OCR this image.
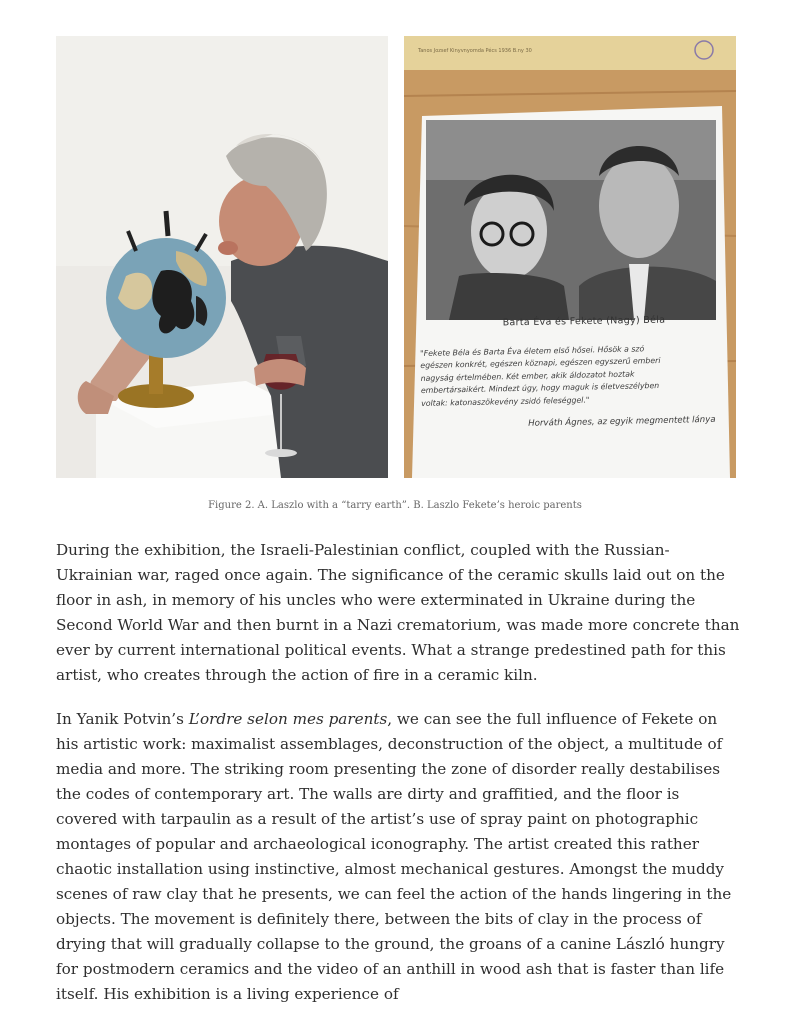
Tanos Jozsef Kinyvnyomda Pécs 1936 B.ny 30
Barta Éva és Fekete (Nagy) Béla
"Fekete Béla és Barta Éva életem első hősei. Hősök a szó
egészen konkrét, egészen köznapi, egészen egyszerű emberi
nagyság értelmében. Két ember, akik áldozatot hoztak
embertársaikért. Mindezt úgy, hogy maguk is életveszélyben
voltak: katonaszökevény zsidó feleséggel."
Horváth Ágnes, az egyik megmentett lánya
Figure 2. A. Laszlo with a “tarry earth”. B. Laszlo Fekete’s heroic parents

During the exhibition, the Israeli-Palestinian conflict, coupled with the Russian-Ukrainian war, raged once again. The significance of the ceramic skulls laid out on the floor in ash, in memory of his uncles who were exterminated in Ukraine during the Second World War and then burnt in a Nazi crematorium, was made more concrete than ever by current international political events. What a strange predestined path for this artist, who creates through the action of fire in a ceramic kiln.

In Yanik Potvin’s L’ordre selon mes parents, we can see the full influence of Fekete on his artistic work: maximalist assemblages, deconstruction of the object, a multitude of media and more. The striking room presenting the zone of disorder really destabilises the codes of contemporary art. The walls are dirty and graffitied, and the floor is covered with tarpaulin as a result of the artist’s use of spray paint on photographic montages of popular and archaeological iconography. The artist created this rather chaotic installation using instinctive, almost mechanical gestures. Amongst the muddy scenes of raw clay that he presents, we can feel the action of the hands lingering in the objects. The movement is definitely there, between the bits of clay in the process of drying that will gradually collapse to the ground, the groans of a canine László hungry for postmodern ceramics and the video of an anthill in wood ash that is faster than life itself. His exhibition is a living experience of
